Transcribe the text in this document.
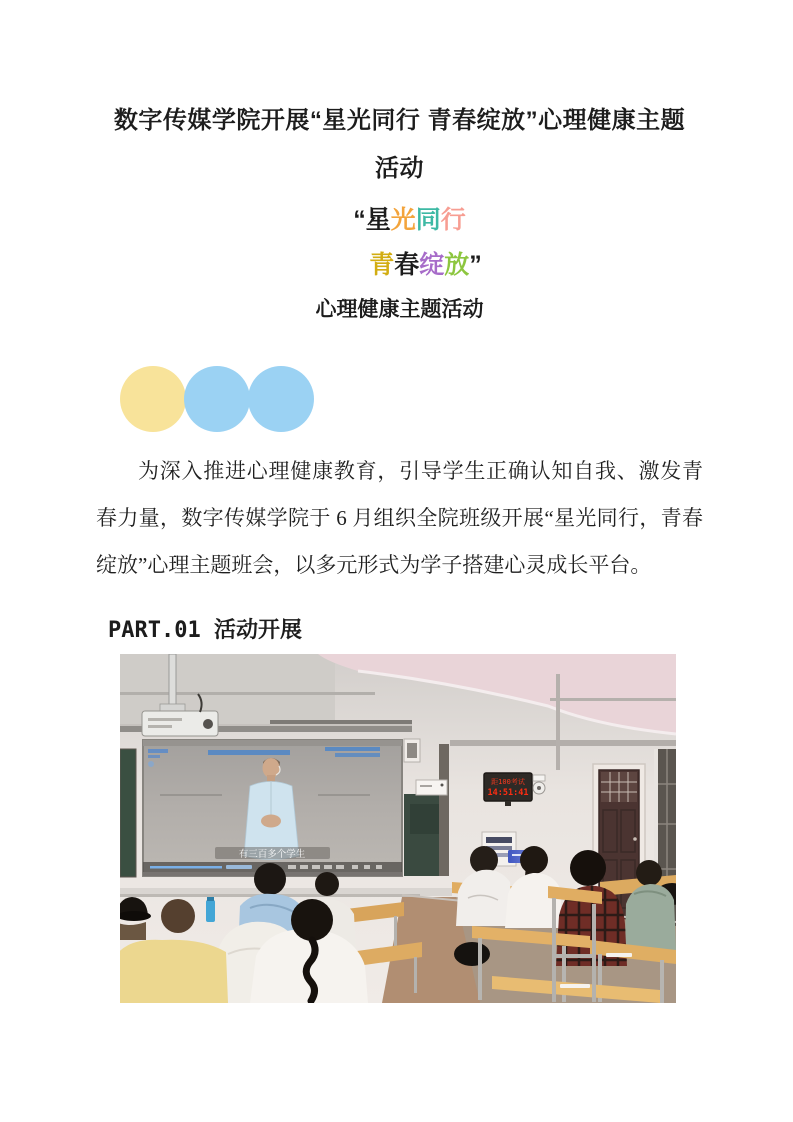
数字传媒学院开展“星光同行 青春绽放”心理健康主题
活动
“星光同行
青春绽放”
心理健康主题活动

为深入推进心理健康教育，引导学生正确认知自我、激发青春力量，数字传媒学院于 6 月组织全院班级开展“星光同行，青春绽放”心理主题班会，以多元形式为学子搭建心灵成长平台。

PART.01 活动开展
有三百多个学生
距100考试
14:51:41
